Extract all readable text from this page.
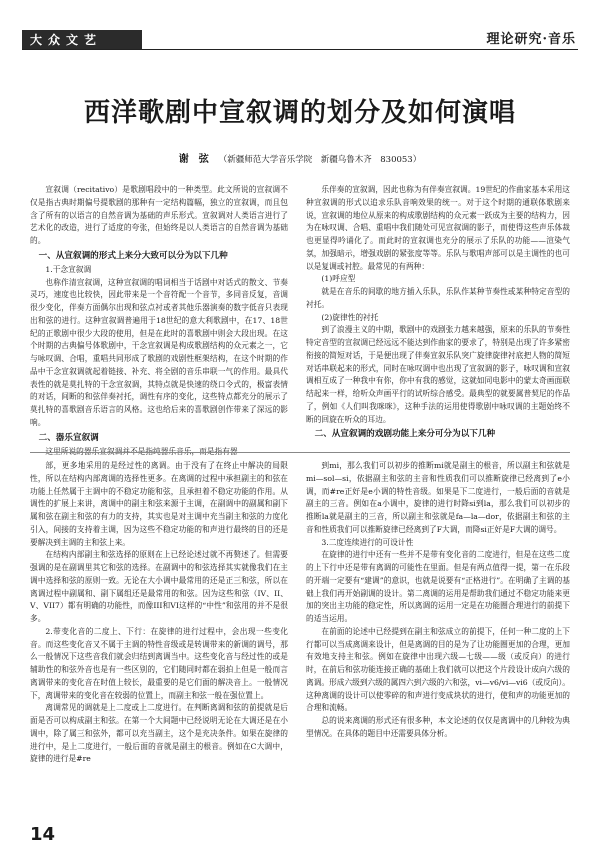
大众文艺	理论研究·音乐
西洋歌剧中宣叙调的划分及如何演唱
谢　弦 （新疆师范大学音乐学院　新疆乌鲁木齐　830053）

宣叙调（recitativo）是歌剧唱段中的一种类型。此文所说的宣叙调不仅是指古典时期偏号提歌剧的那种有一定结构篇幅，独立的宣叙调，而且包含了所有的以语言的自然音调为基础的声乐形式。宣叙调对人类语言进行了艺术化的改造，进行了适度的夸张，但始终是以人类语言的自然音调为基础的。

一、从宣叙调的形式上来分大致可以分为以下几种
1.干念宣叙调

也称作清宣叙调，这种宣叙调的唱词相当于话剧中对话式的散文、节奏灵巧，速度也比较快，因此带来是一个音符配一个音节，多同音反复，音调很少变化，伴奏方面偶尔出现和弦点衬或者其他乐器演奏的数字低音只表现出和弦的进行。这种宣叙调普遍用于18世纪的意大利歌剧中，在17、18世纪的正歌剧中很少大段的使用，但是在此时的喜歌剧中则会大段出现。在这个时期的古典偏号体歌剧中，干念宣叙调是构成歌剧结构的众元素之一，它与咏叹调、合唱，重唱共同形成了歌剧的戏剧性框架结构，在这个时期的作品中干念宣叙调就起着链接、补充、将全剧的音乐串联一气的作用。最具代表性的就是莫扎特的干念宣叙调，其特点就是快速的绕口令式的，极富表情的对话，间断的和弦伴奏衬托，调性有序的变化，这些特点都充分的展示了莫扎特的喜歌剧音乐语言的风格。这也给后来的喜歌剧创作带来了深远的影响。

二、器乐宣叙调

这里所说的器乐宣叙调并不是指纯器乐音乐，而是指有器

乐伴奏的宣叙调，因此也称为有伴奏宣叙调。19世纪的作曲家基本采用这种宣叙调的形式以追求乐队音响效果的统一。对于这个时期的通联体歌剧来说，宣叙调的地位从原来的构成歌剧结构的众元素一跃成为主要的结构力，因为在咏叹调、合唱、重唱中我们随处可见宣叙调的影子，而使得这些声乐体裁也更显得吟诵化了。而此时的宣叙调也充分的展示了乐队的功能——渲染气氛，加强暗示，增强戏剧的紧张度等等。乐队与歌唱声部可以是主调性的也可以是复调或衬腔。最常见的有两种：

(1)呼应型

就是在音乐的间歇的地方插入乐队，乐队作某种节奏性或某种特定音型的衬托。

(2)旋律性的衬托

到了浪漫主义的中期，歌剧中的戏剧张力越来越强，原来的乐队的节奏性特定音型的宣叙调已经远远不能达到作曲家的要求了，特别是出现了许多紧密衔接的简短对话，于是便出现了伴奏宣叙乐队突广旋律旋律衬底把人物的简短对话串联起来的形式，同时在咏叹调中也出现了宣叙调的影子，咏叹调和宣叙调相互成了一种我中有你，你中有我的感觉，这就如同电影中的蒙太奇画面联结起来一样，给听众声画平行的试听综合感受。最典型的就要属普契尼的作品了，例如《人们叫我咪咪》，这种手法的运用使得歌剧中咏叹调的主题始终不断的回旋在听众的耳边。

二、从宣叙调的戏剧功能上来分可分为以下几种

部，更多地采用的是经过性的离调。由于没有了在终止中解决的局限性，所以在结构内部离调的选择性更多。在离调的过程中承担副主的和弦在功能上任然属于主调中的不稳定功能和弦，且承担着不稳定功能的作用。从调性的扩展上来讲，离调中的副主和弦来源于主调，在副调中的副属和副下属和弦在副主和弦的有力的支持，其实也是对主调中充当副主和弦的力度化引入，间接的支持着主调，因为这些不稳定功能的和声进行最终的目的还是要解决到主调的主和弦上来。

在结构内部副主和弦选择的原则在上已经论述过就不再赘述了。但需要强调的是在副调里其它和弦的选择。在副调中的和弦选择其实就像我们在主调中选择和弦的原则一致。无论在大小调中最常用的还是正三和弦，所以在离调过程中副属和、副下属组还是最常用的和弦。因为这些和弦（IV、II、V、VII7）都有明确的功能性，而像III和VI这样的“中性”和弦用的并不是很多。

2.带变化音的二度上、下行：在旋律的进行过程中，会出现一些变化音。而这些变化音又不属于主调的特性音级或是转调带来的新调的调号，那么一般情况下这些音我们就会归结到离调当中。这些变化音与经过性的或是辅助性的和弦外音也是有一些区别的，它们随同时都在弱拍上但是一般而言离调带来的变化音在时值上较长，最重要的是它们面的解决音上。一般情况下，离调带来的变化音在较弱的位置上，而副主和弦一般在强位置上。

离调常见的调就是上二度或上二度进行。在判断离调和弦的前提就是后面是否可以构成副主和弦。在第一个大间题中已经说明无论在大调还是在小调中，除了属三和弦外，都可以充当副主，这个是充决条件。如果在旋律的进行中，是上二度进行，一般后面的音就是副主的根音。例如在C大调中，旋律的进行是#re

到mi，那么我们可以初步的推断mi就是副主的根音，所以副主和弦就是mi—sol—si，依据副主和弦的主音和性质我们可以推断旋律已经离到了e小调，而#re正好是e小调的特性音级。如果是下二度进行，一般后面的音就是副主的三音。例如在a小调中，旋律的进行时降si到la，那么我们可以初步的推断la就是副主的三音，所以副主和弦就是fa—la—dor，依据副主和弦的主音和性质我们可以推断旋律已经离到了F大调，而降si正好是F大调的调号。

3.二度连续进行的可设计性

在旋律的进行中还有一些并不是带有变化音的二度进行，但是在这些二度的上下行中还是带有离调的可能性在里面。但是有两点值得一提，第一在乐段的开端一定要有“建调”的意识，也就是说要有“正格进行”。在明确了主调的基础上我们再开始副调的设计。第二离调的运用是帮助我们通过不稳定功能来更加的突出主功能的稳定性，所以离调的运用一定是在功能圈合理进行的前提下的适当运用。

在前面的论述中已经提到在副主和弦成立的前提下，任何一种二度的上下行都可以当成离调来设计，但是离调的目的是为了让功能圈更加的合理，更加有效地支持主和弦。例如在旋律中出现六级—七级——级（或反向）的进行时，在前后和弦功能连接正确的基础上我们就可以把这个片段设计成向六级的离调。形成六级到六级的属四六到六级的六和弦，vi—v6/vi—vi6（或反向）。这种离调的设计可以使零碎的和声进行变成块状的进行，使和声的功能更加的合理和流畅。

总的说来离调的形式还有很多种，本文论述的仅仅是离调中的几种较为典型情况。在具体的题目中还需要具体分析。

14
